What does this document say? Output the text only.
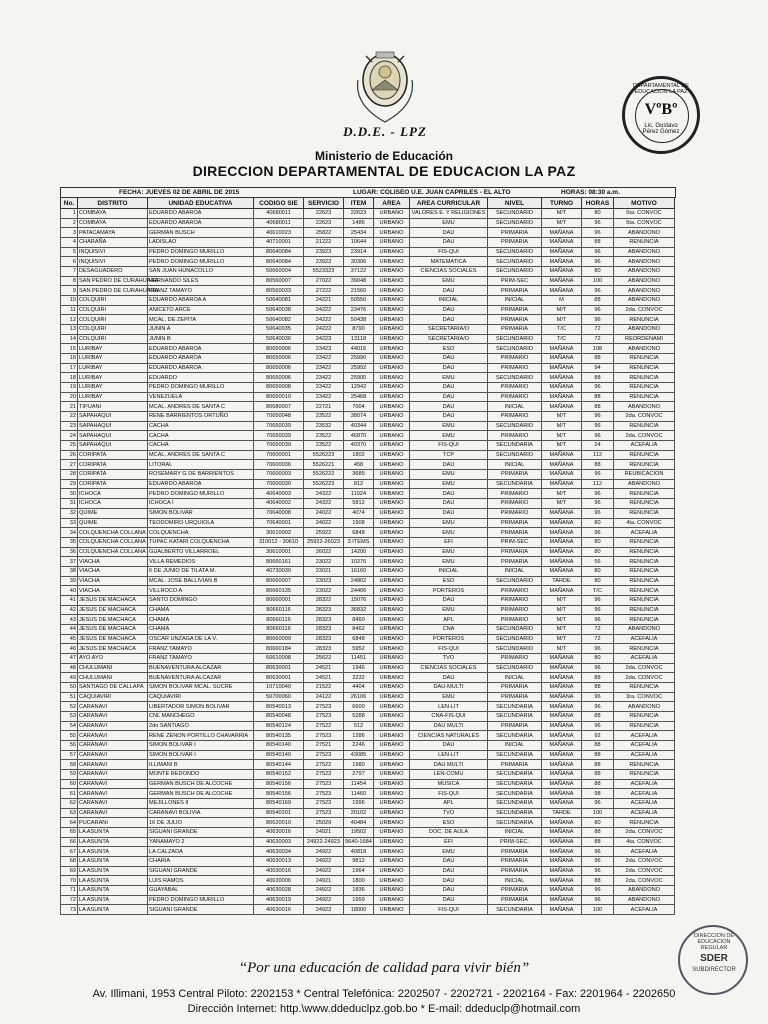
D.D.E. - LPZ
DEPARTAMENTAL DE EDUCACION LA PAZ
VºBº
Lic. Gustavo Pérez Gómez
Ministerio de Educación
DIRECCION DEPARTAMENTAL DE EDUCACION LA PAZ
FECHA: JUEVES 02 DE ABRIL DE 2015	LUGAR: COLISEO U.E. JUAN CAPRILES - EL ALTO	HORAS: 08:30 a.m.
No.	DISTRITO	UNIDAD EDUCATIVA	CODIGO SIE	SERVICIO	ITEM	AREA	AREA CURRICULAR	NIVEL	TURNO	HORAS	MOTIVO
1	COMBAYA	EDUARDO ABAROA	40680011	22623	22623	URBANO	VALORES E. Y RELIGIONES	SECUNDARIO	M/T	80	5ta. CONVOC
2	COMBAYA	EDUARDO ABAROA	40680011	22623	1486	URBANO	EMU	SECUNDARIO	M/T	96	5ta. CONVOC
3	PATACAMAYA	GERMAN BUSCH	40610023	25822	25434	URBANO	DAU	PRIMARIA	MAÑANA	96	ABANDONO
4	CHARAÑA	LADISLAO	40710001	21222	10644	URBANO	DAU	PRIMARIA	MAÑANA	88	RENUNCIA
5	INQUISIVI	PEDRO DOMINGO MURILLO	80640084	23923	23914	URBANO	FIS-QUI	SECUNDARIO	MAÑANA	96	ABANDONO
6	INQUISIVI	PEDRO DOMINGO MURILLO	80640084	23923	30306	URBANO	MATEMATICA	SECUNDARIO	MAÑANA	96	ABANDONO
7	DESAGUADERO	SAN JUAN HUNACOLLO	50660004	5523323	37122	URBANO	CIENCIAS SOCIALES	SECUNDARIO	MAÑANA	80	ABANDONO
8	SAN PEDRO DE CURAHUARA	HERNANDO SILES	80560007	27022	39048	URBANO	EMU	PRIM-SEC	MAÑANA	100	ABANDONO
9	SAN PEDRO DE CURAHUARA	FRANZ TAMAYO	80560033	27222	21560	URBANO	DAU	PRIMARIA	MAÑANA	96	ABANDONO
10	COLQUIRI	EDUARDO ABAROA A	50640081	24221	50550	URBANO	INICIAL	INICIAL	M	88	ABANDONO
11	COLQUIRI	ANICETO ARCE	50640038	24222	23476	URBANO	DAU	PRIMARIA	M/T	96	2da. CONVOC
12	COLQUIRI	MCAL. DE ZEPITA	50640082	24222	50438	URBANO	DAU	PRIMARIA	M/T	96	RENUNCIA
13	COLQUIRI	JUNIN A	50640035	24222	8790	URBANO	SECRETARIA/O	PRIMARIA	T/C	72	ABANDONO
14	COLQUIRI	JUNIN B	50640036	24223	13118	URBANO	SECRETARIA/O	SECUNDARIO	T/C	72	REORDENAMI
15	LURIBAY	EDUARDO ABAROA	80650006	23423	44016	URBANO	ESO	SECUNDARIO	MAÑANA	108	ABANDONO
16	LURIBAY	EDUARDO ABAROA	80650006	23422	25990	URBANO	DAU	PRIMARIO	MAÑANA	88	RENUNCIA
17	LURIBAY	EDUARDO ABAROA	80650006	23422	25992	URBANO	DAU	PRIMARIO	MAÑANA	94	RENUNCIA
18	LURIBAY	EDUARDO	80650006	23422	25900	URBANO	EMU	SECUNDARIO	MAÑANA	88	RENUNCIA
19	LURIBAY	PEDRO DOMINGO MURILLO	80650008	23422	12942	URBANO	DAU	PRIMARIO	MAÑANA	96	RENUNCIA
20	LURIBAY	VENEZUELA	80650010	23422	25468	URBANO	DAU	PRIMARIO	MAÑANA	88	RENUNCIA
21	TIPUANI	MCAL. ANDRES DE SANTA C	80680007	22721	7004	URBANO	DAU	INICIAL	MAÑANA	88	ABANDONO
22	SAPAHAQUI	RENE BARRIENTOS ORTUÑO	70650048	23522	38074	URBANO	DAU	PRIMARIO	M/T	96	2da. CONVOC
23	SAPAHAQUI	CACHA	70650039	23532	40344	URBANO	EMU	SECUNDARIO	M/T	96	RENUNCIA
24	SAPAHAQUI	CACHA	70650039	23522	46870	URBANO	EMU	PRIMARIO	M/T	96	2da. CONVOC
25	SAPAHAQUI	CACHA	70650039	23522	40370	URBANO	FIS-QUI	SECUNDARIA	M/T	24	ACEFALIA
26	CORIPATA	MCAL. ANDRES DE SANTA C	70600001	5526223	1802	URBANO	TCP	SECUNDARIO	MAÑANA	112	RENUNCIA
27	CORIPATA	LITORAL	70600036	5526221	458	URBANO	DAU	INICIAL	MAÑANA	88	RENUNCIA
28	CORIPATA	ROSEMARY G DE BARRIENTOS	70600003	5526222	3685	URBANO	EMU	PRIMARIA	MAÑANA	96	REUBICACION
29	CORIPATA	EDUARDO ABAROA	70600030	5526223	812	URBANO	EMU	SECUNDARIA	MAÑANA	112	ABANDONO
30	ICHOCA	PEDRO DOMINGO MURILLO	40640003	24322	11024	URBANO	DAU	PRIMARIO	M/T	96	RENUNCIA
31	ICHOCA	ICHOCA I	40640002	24322	5812	URBANO	DAU	PRIMARIO	M/T	96	RENUNCIA
32	QUIME	SIMON BOLIVAR	70640008	24022	4074	URBANO	DAU	PRIMARIO	MAÑANA	96	RENUNCIA
33	QUIME	TEODOMIRO URQUIOLA	70640001	24022	1908	URBANO	EMU	PRIMARIA	MAÑANA	80	4ta. CONVOC
34	COLQUENCHA COLLANA	COLQUENCHA	30610002	25922	6848	URBANO	EMU	PRIMARIA	MAÑANA	96	ACEFALIA
35	COLQUENCHA COLLANA	TUPAC KATARI COLQUENCHA	310012 - 30610	25922-26023	3 ITEMS	URBANO	EFI	PRIM-SEC	MAÑANA	80	RENUNCIA
36	COLQUENCHA COLLANA	GUALBERTO VILLARROEL	30610001	26022	14200	URBANO	EMU	PRIMARIA	MAÑANA	80	RENUNCIA
37	VIACHA	VILLA REMEDIOS	80660161	23022	10276	URBANO	EMU	PRIMARIA	MAÑANA	56	RENUNCIA
38	VIACHA	6 DE JUNIO DE TILATA M.	40730030	23021	16160	URBANO	INICIAL	INICIAL	MAÑANA	80	RENUNCIA
39	VIACHA	MCAL. JOSE BALLIVIAN B	80660007	23023	24802	URBANO	ESO	SECUNDARIO	TARDE	80	RENUNCIA
40	VIACHA	VILLROCO A	80660135	23022	24406	URBANO	PORTEROS	PRIMARIO	MAÑANA	T/C	RENUNCIA
41	JESUS DE MACHACA	SANTO DOMINGO	80660001	28322	15076	URBANO	DAU	PRIMARIO	M/T	96	RENUNCIA
42	JESUS DE MACHACA	CHAMA	80660116	28323	36832	URBANO	EMU	PRIMARIO	M/T	96	RENUNCIA
43	JESUS DE MACHACA	CHAMA	80660116	28323	8460	URBANO	APL	PRIMARIO	M/T	96	RENUNCIA
44	JESUS DE MACHACA	CHAMA	80660116	28323	8462	URBANO	CNA	SECUNDARIO	M/T	72	ABANDONO
45	JESUS DE MACHACA	OSCAR UNZAGA DE LA V.	80660099	28323	6848	URBANO	PORTEROS	SECUNDARIO	M/T	72	ACEFALIA
46	JESUS DE MACHACA	FRANZ TAMAYO	80660184	28323	5952	URBANO	FIS-QUI	SECUNDARIO	M/T	96	RENUNCIA
47	AYO AYO	FRANZ TAMAYO	60610008	25622	11451	URBANO	TVO	PRIMARIO	MAÑANA	80	ACEFALIA
48	CHULUMANI	BUENAVENTURA ALCAZAR	80630001	24521	1946	URBANO	CIENCIAS SOCIALES	SECUNDARIO	MAÑANA	96	2da. CONVOC
49	CHULUMANI	BUENAVENTURA ALCAZAR	80630001	24521	3232	URBANO	DAU	INICIAL	MAÑANA	88	2da. CONVOC
50	SANTIAGO DE CALLAPA	SIMON BOLIVAR MCAL. SUCRE	10710040	21522	4404	URBANO	DAU-MULTI	PRIMARIA	MAÑANA	88	RENUNCIA
51	CAQUIAVIRI	CAQUIAVIRI	50700060	24122	26106	URBANO	EMU	PRIMARIA	MAÑANA	96	3ra. CONVOC
52	CARANAVI	LIBERTADOR SIMON BOLIVAR	80540013	27523	6600	URBANO	LEN-LIT	SECUNDARIA	MAÑANA	96	ABANDONO
53	CARANAVI	CNL MANCHEGO	80540048	27523	5288	URBANO	CNA-FIS-QUI	SECUNDARIA	MAÑANA	88	RENUNCIA
54	CARANAVI	2do SANTIAGO	80540124	27522	512	URBANO	DAU MULTI	PRIMARIA	MAÑANA	96	RENUNCIA
55	CARANAVI	RENE ZENON PORTILLO CHAVARRIA	80540135	27523	1286	URBANO	CIENCIAS NATURALES	SECUNDARIA	MAÑANA	92	ACEFALIA
56	CARANAVI	SIMON BOLIVAR I	80540140	27521	2246	URBANO	DAU	INICIAL	MAÑANA	88	ACEFALIA
57	CARANAVI	SIMON BOLIVAR I	80540140	27523	43085	URBANO	LEN-LIT	SECUNDARIA	MAÑANA	88	ACEFALIA
58	CARANAVI	ILLIMANI B	80540144	27522	1980	URBANO	DAU MULTI	PRIMARIA	MAÑANA	88	RENUNCIA
59	CARANAVI	MONTE REDONDO	80540152	27523	2797	URBANO	LEN-COMU	SECUNDARIA	MAÑANA	88	RENUNCIA
60	CARANAVI	GERMAN BUSCH DE ALCOCHE	80540156	27523	11454	URBANO	MUSICA	SECUNDARIA	MAÑANA	88	ACEFALIA
61	CARANAVI	GERMAN BUSCH DE ALCOCHE	80540156	27523	11460	URBANO	FIS-QUI	SECUNDARIA	MAÑANA	98	ACEFALIA
62	CARANAVI	MEJILLONES II	80540169	27523	1996	URBANO	APL	SECUNDARIA	MAÑANA	96	ACEFALIA
63	CARANAVI	CARANAVI BOLIVIA	80540201	27523	20102	URBANO	TVO	SECUNDARIA	TARDE	100	ACEFALIA
64	PUCARANI	16 DE JULIO	80620010	25029	40484	URBANO	ESO	SECUNDARIA	MAÑANA	80	RENUNCIA
65	LA ASUNTA	SIGUANI GRANDE	40630016	24921	19502	URBANO	DOC. DE AULA	INICIAL	MAÑANA	88	2da. CONVOC
66	LA ASUNTA	YANAMAYO 2	40630003	24922-24923	9640-1684	URBANO	EFI	PRIM-SEC.	MAÑANA	88	4ta. CONVOC
67	LA ASUNTA	LA CALZADA	40630034	24922	40818	URBANO	EMU	PRIMARIA	MAÑANA	96	ACEFALIA
68	LA ASUNTA	CHARIA	40630013	24922	9812	URBANO	DAU	PRIMARIA	MAÑANA	96	2da. CONVOC
69	LA ASUNTA	SIGUANI GRANDE	40630016	24922	1964	URBANO	DAU	PRIMARIA	MAÑANA	96	2da. CONVOC
70	LA ASUNTA	LUIS RAMOS	40630006	24921	1800	URBANO	DAU	INICIAL	MAÑANA	88	2da. CONVOC
71	LA ASUNTA	GUAYABAL	40630028	24922	1836	URBANO	DAU	PRIMARIA	MAÑANA	96	ABANDONO
72	LA ASUNTA	PEDRO DOMINGO MURILLO	40630019	24922	1959	URBANO	DAU	PRIMARIA	MAÑANA	96	ABANDONO
73	LA ASUNTA	SIGUANI GRANDE	40630016	24923	18000	URBANO	FIS-QUI	SECUNDARIA	MAÑANA	100	ACEFALIA
“Por una educación de calidad para vivir bién”
Av. Illimani, 1953 Central Piloto: 2202153 * Central Telefónica: 2202507 - 2202721 - 2202164 - Fax: 2201964 - 2202650
Dirección Internet: http.\www.ddeduclpz.gob.bo * E-mail: ddeduclp@hotmail.com
DIRECCION DE EDUCACION REGULAR
SDER
SUBDIRECTOR
